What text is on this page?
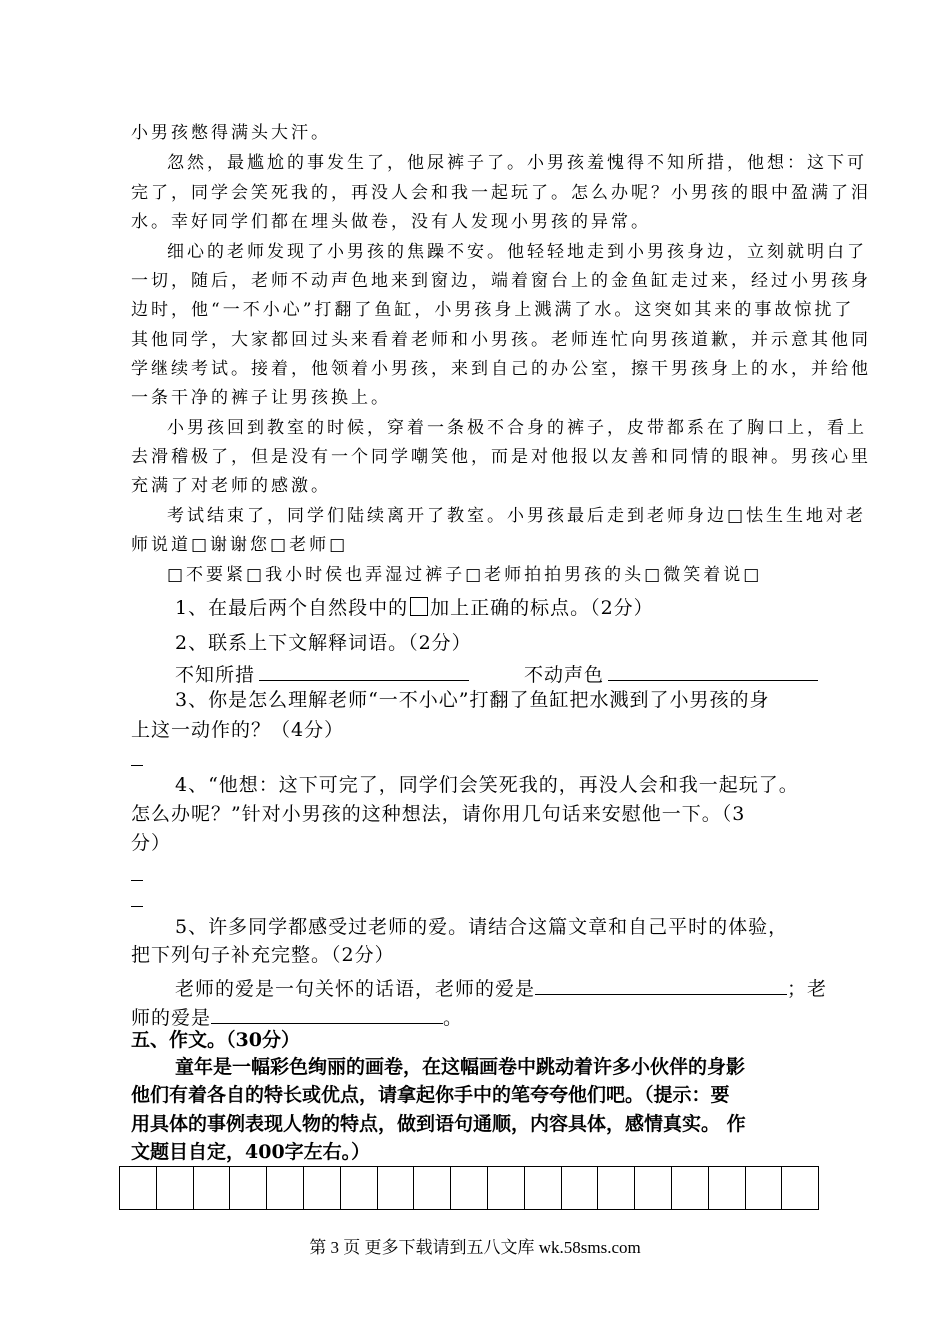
小男孩憋得满头大汗。
忽然，最尴尬的事发生了，他尿裤子了。小男孩羞愧得不知所措，他想：这下可
完了，同学会笑死我的，再没人会和我一起玩了。怎么办呢？小男孩的眼中盈满了泪
水。幸好同学们都在埋头做卷，没有人发现小男孩的异常。
细心的老师发现了小男孩的焦躁不安。他轻轻地走到小男孩身边，立刻就明白了
一切，随后，老师不动声色地来到窗边，端着窗台上的金鱼缸走过来，经过小男孩身
边时，他“一不小心”打翻了鱼缸，小男孩身上溅满了水。这突如其来的事故惊扰了
其他同学，大家都回过头来看着老师和小男孩。老师连忙向男孩道歉，并示意其他同
学继续考试。接着，他领着小男孩，来到自己的办公室，擦干男孩身上的水，并给他
一条干净的裤子让男孩换上。
小男孩回到教室的时候，穿着一条极不合身的裤子，皮带都系在了胸口上，看上
去滑稽极了，但是没有一个同学嘲笑他，而是对他报以友善和同情的眼神。男孩心里
充满了对老师的感激。
考试结束了，同学们陆续离开了教室。小男孩最后走到老师身边□怯生生地对老
师说道□谢谢您□老师□
□不要紧□我小时侯也弄湿过裤子□老师拍拍男孩的头□微笑着说□
1、在最后两个自然段中的 加上正确的标点。（2分）
2、联系上下文解释词语。（2分）
不知所措	不动声色
3、你是怎么理解老师“一不小心”打翻了鱼缸把水溅到了小男孩的身
上这一动作的？（4分）
4、“他想：这下可完了，同学们会笑死我的，再没人会和我一起玩了。
怎么办呢？”针对小男孩的这种想法，请你用几句话来安慰他一下。（3
分）
5、许多同学都感受过老师的爱。请结合这篇文章和自己平时的体验，
把下列句子补充完整。（2分）
老师的爱是一句关怀的话语，老师的爱是	；老
师的爱是	。
五、作文。（30分）
童年是一幅彩色绚丽的画卷，在这幅画卷中跳动着许多小伙伴的身影
他们有着各自的特长或优点，请拿起你手中的笔夸夸他们吧。（提示：要
用具体的事例表现人物的特点，做到语句通顺，内容具体，感情真实。 作
文题目自定，400字左右。）
第 3 页 更多下载请到五八文库 wk.58sms.com
